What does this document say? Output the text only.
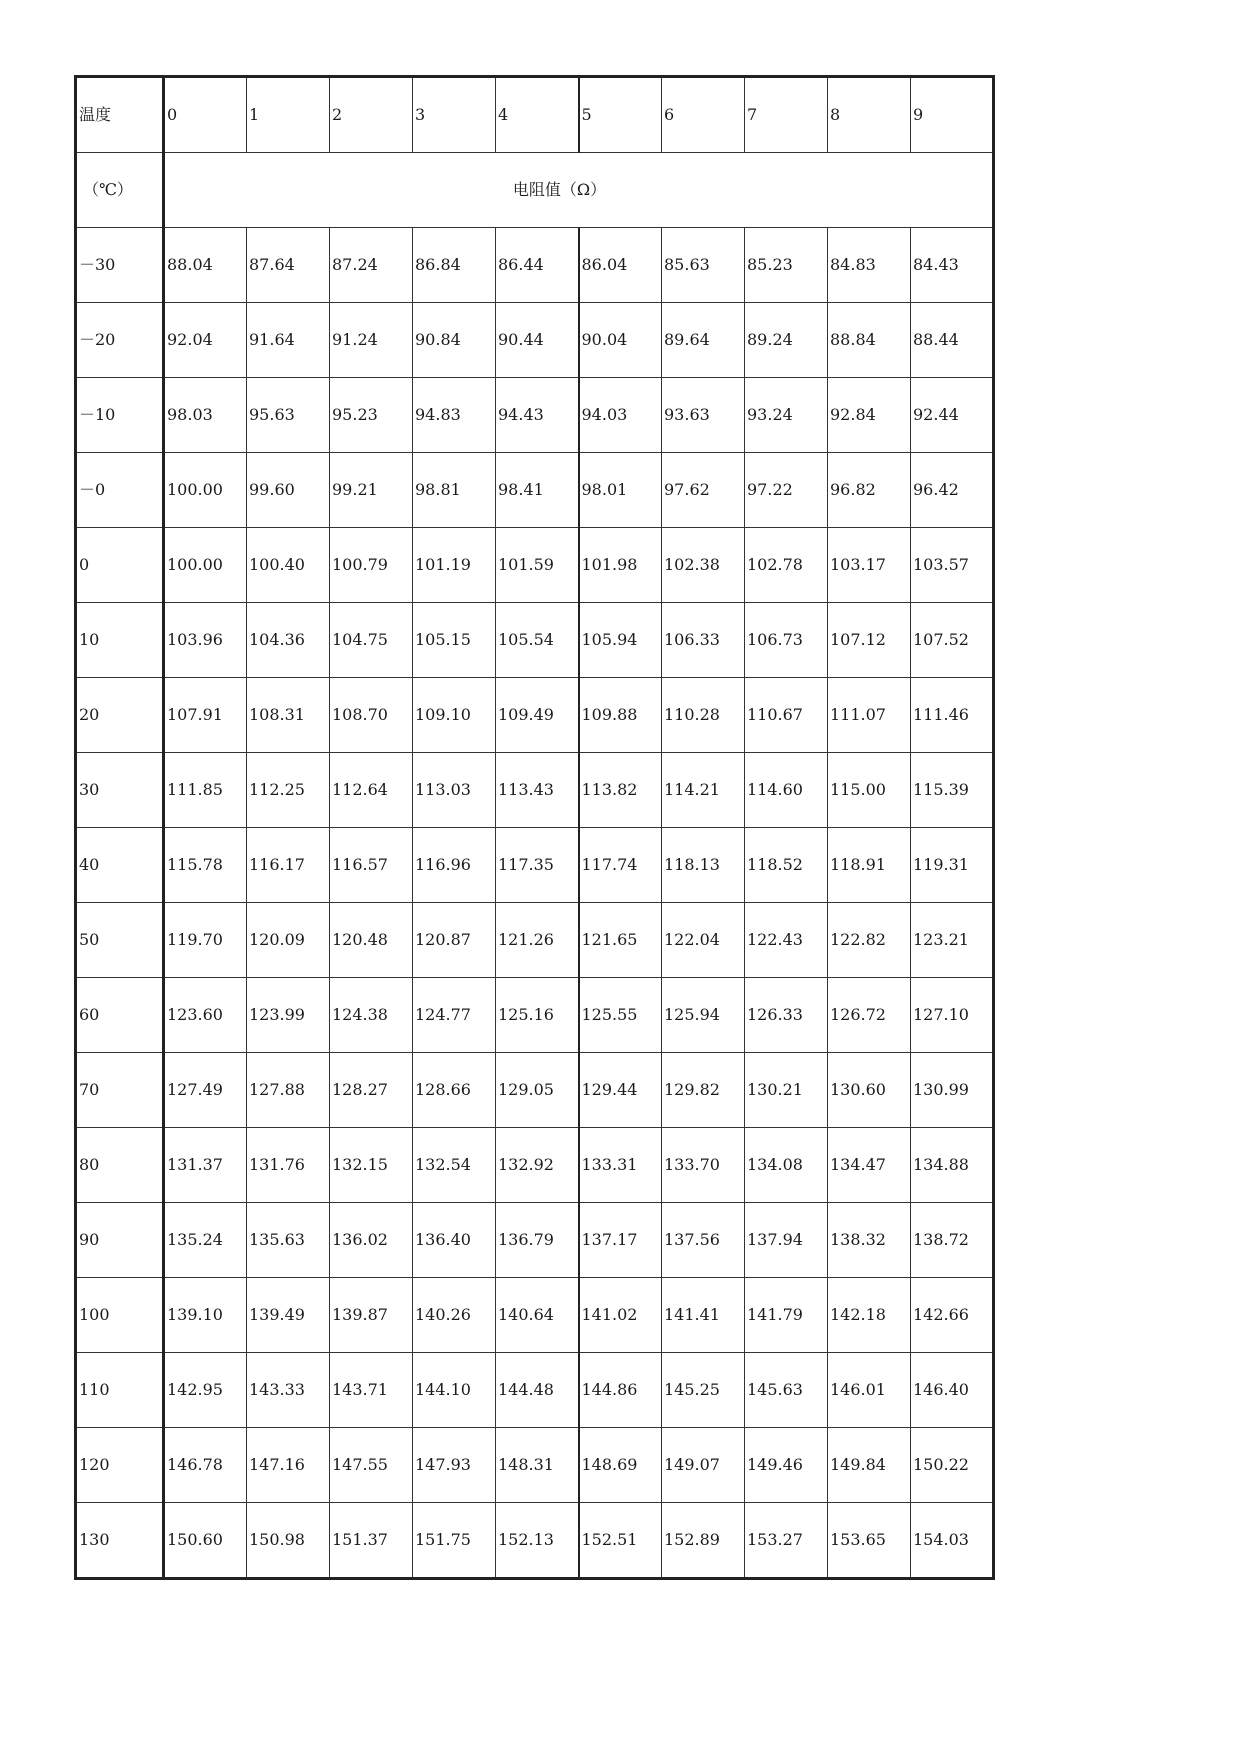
温度	0	1	2	3	4	5	6	7	8	9
（℃）	电阻值（Ω）									
－30	88.04	87.64	87.24	86.84	86.44	86.04	85.63	85.23	84.83	84.43
－20	92.04	91.64	91.24	90.84	90.44	90.04	89.64	89.24	88.84	88.44
－10	98.03	95.63	95.23	94.83	94.43	94.03	93.63	93.24	92.84	92.44
－0	100.00	99.60	99.21	98.81	98.41	98.01	97.62	97.22	96.82	96.42
0	100.00	100.40	100.79	101.19	101.59	101.98	102.38	102.78	103.17	103.57
10	103.96	104.36	104.75	105.15	105.54	105.94	106.33	106.73	107.12	107.52
20	107.91	108.31	108.70	109.10	109.49	109.88	110.28	110.67	111.07	111.46
30	111.85	112.25	112.64	113.03	113.43	113.82	114.21	114.60	115.00	115.39
40	115.78	116.17	116.57	116.96	117.35	117.74	118.13	118.52	118.91	119.31
50	119.70	120.09	120.48	120.87	121.26	121.65	122.04	122.43	122.82	123.21
60	123.60	123.99	124.38	124.77	125.16	125.55	125.94	126.33	126.72	127.10
70	127.49	127.88	128.27	128.66	129.05	129.44	129.82	130.21	130.60	130.99
80	131.37	131.76	132.15	132.54	132.92	133.31	133.70	134.08	134.47	134.88
90	135.24	135.63	136.02	136.40	136.79	137.17	137.56	137.94	138.32	138.72
100	139.10	139.49	139.87	140.26	140.64	141.02	141.41	141.79	142.18	142.66
110	142.95	143.33	143.71	144.10	144.48	144.86	145.25	145.63	146.01	146.40
120	146.78	147.16	147.55	147.93	148.31	148.69	149.07	149.46	149.84	150.22
130	150.60	150.98	151.37	151.75	152.13	152.51	152.89	153.27	153.65	154.03
